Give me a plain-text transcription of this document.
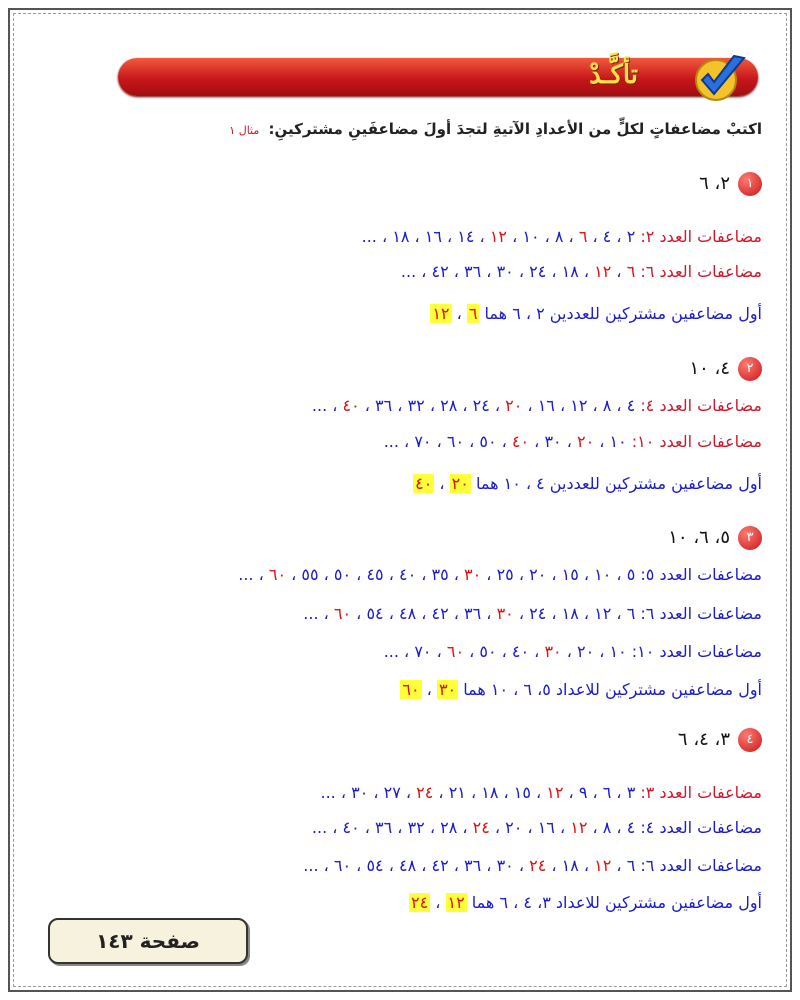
تأكَّـدْ
اكتبْ مضاعفاتٍ لكلٍّ من الأعدادِ الآتيةِ لتجدَ أولَ مضاعفَينِ مشتركينِ: مثال ١
١٢، ٦
مضاعفات العدد ٢: ٢ ، ٤ ، ٦ ، ٨ ، ١٠ ، ١٢ ، ١٤ ، ١٦ ، ١٨ ، ...
مضاعفات العدد ٦: ٦ ، ١٢ ، ١٨ ، ٢٤ ، ٣٠ ، ٣٦ ، ٤٢ ، ...
أول مضاعفين مشتركين للعددين ٢ ، ٦ هما ٦ ، ١٢
٢٤، ١٠
مضاعفات العدد ٤: ٤ ، ٨ ، ١٢ ، ١٦ ، ٢٠ ، ٢٤ ، ٢٨ ، ٣٢ ، ٣٦ ، ٤٠ ، ...
مضاعفات العدد ١٠: ١٠ ، ٢٠ ، ٣٠ ، ٤٠ ، ٥٠ ، ٦٠ ، ٧٠ ، ...
أول مضاعفين مشتركين للعددين ٤ ، ١٠ هما ٢٠ ، ٤٠
٣٥، ٦، ١٠
مضاعفات العدد ٥: ٥ ، ١٠ ، ١٥ ، ٢٠ ، ٢٥ ، ٣٠ ، ٣٥ ، ٤٠ ، ٤٥ ، ٥٠ ، ٥٥ ، ٦٠ ، ...
مضاعفات العدد ٦: ٦ ، ١٢ ، ١٨ ، ٢٤ ، ٣٠ ، ٣٦ ، ٤٢ ، ٤٨ ، ٥٤ ، ٦٠ ، ...
مضاعفات العدد ١٠: ١٠ ، ٢٠ ، ٣٠ ، ٤٠ ، ٥٠ ، ٦٠ ، ٧٠ ، ...
أول مضاعفين مشتركين للاعداد ٥، ٦ ، ١٠ هما ٣٠ ، ٦٠
٤٣، ٤، ٦
مضاعفات العدد ٣: ٣ ، ٦ ، ٩ ، ١٢ ، ١٥ ، ١٨ ، ٢١ ، ٢٤ ، ٢٧ ، ٣٠ ، ...
مضاعفات العدد ٤: ٤ ، ٨ ، ١٢ ، ١٦ ، ٢٠ ، ٢٤ ، ٢٨ ، ٣٢ ، ٣٦ ، ٤٠ ، ...
مضاعفات العدد ٦: ٦ ، ١٢ ، ١٨ ، ٢٤ ، ٣٠ ، ٣٦ ، ٤٢ ، ٤٨ ، ٥٤ ، ٦٠ ، ...
أول مضاعفين مشتركين للاعداد ٣، ٤ ، ٦ هما ١٢ ، ٢٤
صفحة ١٤٣
